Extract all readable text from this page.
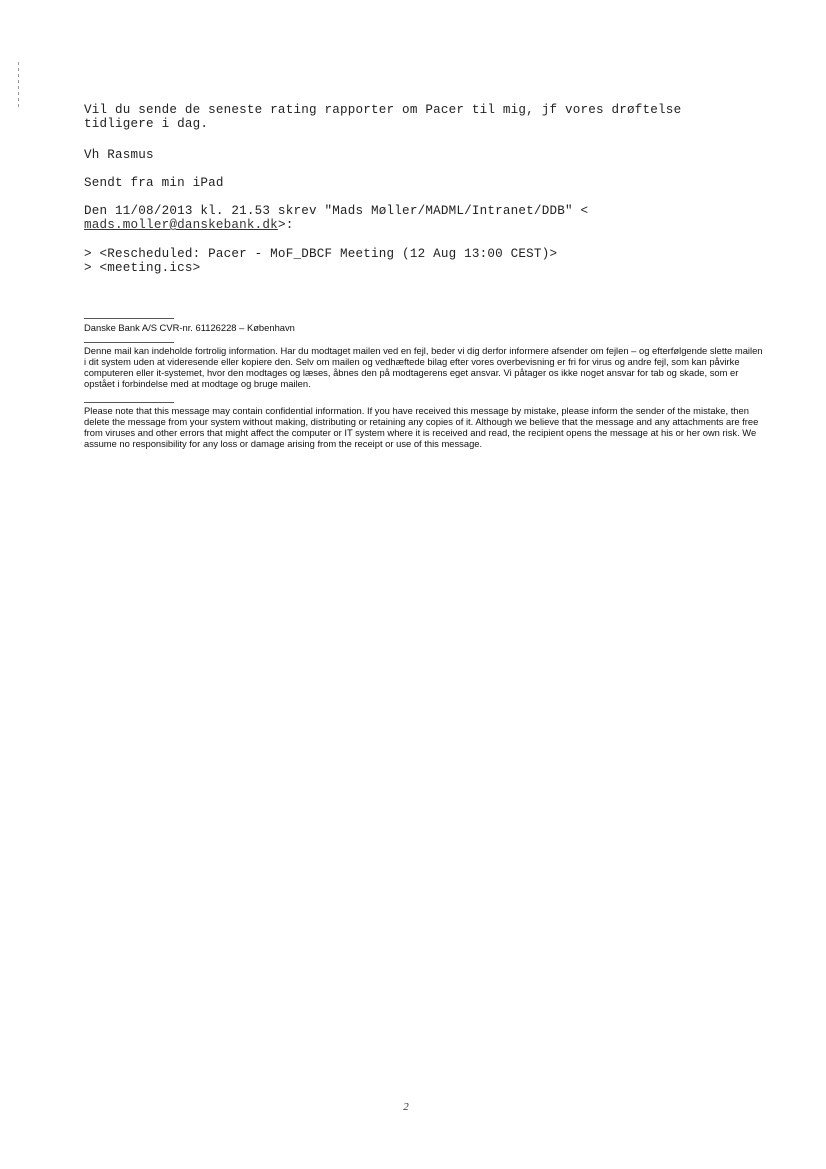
Vil du sende de seneste rating rapporter om Pacer til mig, jf vores drøftelse
tidligere i dag.
Vh Rasmus
Sendt fra min iPad
Den 11/08/2013 kl. 21.53 skrev "Mads Møller/MADML/Intranet/DDB" <
mads.moller@danskebank.dk>:
> <Rescheduled: Pacer - MoF_DBCF Meeting (12 Aug 13:00 CEST)>
> <meeting.ics>

Danske Bank A/S CVR-nr. 61126228 – København

Denne mail kan indeholde fortrolig information. Har du modtaget mailen ved en fejl, beder vi dig derfor informere afsender om fejlen – og efterfølgende slette mailen i dit system uden at videresende eller kopiere den. Selv om mailen og vedhæftede bilag efter vores overbevisning er fri for virus og andre fejl, som kan påvirke computeren eller it-systemet, hvor den modtages og læses, åbnes den på modtagerens eget ansvar. Vi påtager os ikke noget ansvar for tab og skade, som er opstået i forbindelse med at modtage og bruge mailen.

Please note that this message may contain confidential information. If you have received this message by mistake, please inform the sender of the mistake, then delete the message from your system without making, distributing or retaining any copies of it. Although we believe that the message and any attachments are free from viruses and other errors that might affect the computer or IT system where it is received and read, the recipient opens the message at his or her own risk. We assume no responsibility for any loss or damage arising from the receipt or use of this message.

2
